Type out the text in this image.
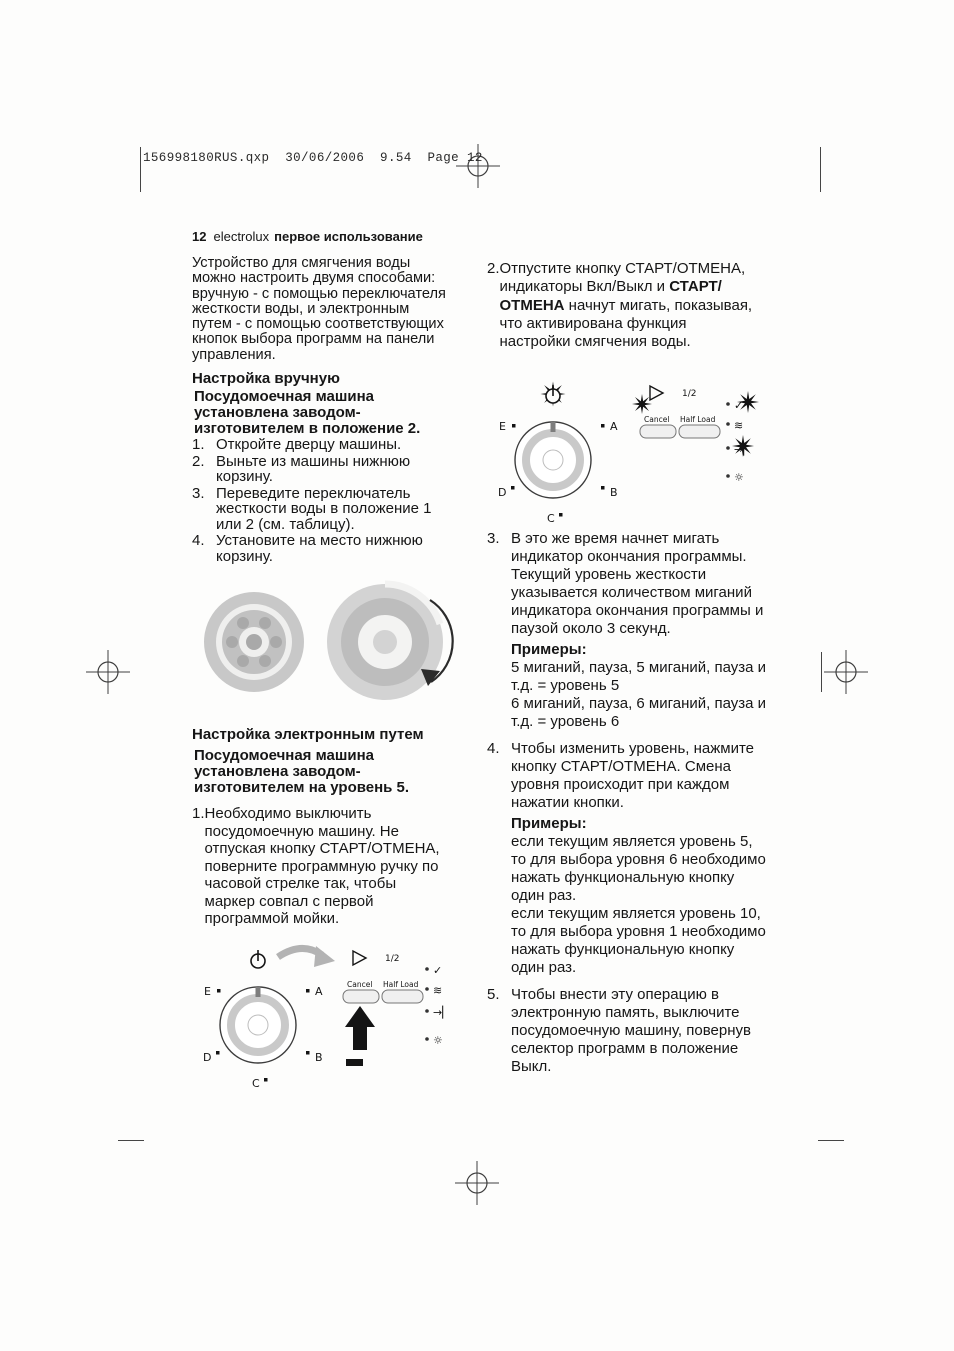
156998180RUS.qxp  30/06/2006  9.54  Page 12
12 electrolux первое использование
Устройство для смягчения воды можно настроить двумя способами: вручную - с помощью переключателя жесткости воды, и электронным путем - с помощью соответствующих кнопок выбора программ на панели управления.
Настройка вручную
Посудомоечная машина установлена заводом-изготовителем в положение 2.
1. Откройте дверцу машины.
2. Выньте из машины нижнюю корзину.
3. Переведите переключатель жесткости воды в положение 1 или 2 (см. таблицу).
4. Установите на место нижнюю корзину.
Настройка электронным путем
Посудомоечная машина установлена заводом-изготовителем на уровень 5.
1. Необходимо выключить посудомоечную машину. Не отпуская кнопку СТАРТ/ОТМЕНА, поверните программную ручку по часовой стрелке так, чтобы маркер совпал с первой программой мойки.
E	A
D	B
C
1/2
Cancel Half Load
✓
≋
→▏
☼
2. Отпустите кнопку СТАРТ/ОТМЕНА, индикаторы Вкл/Выкл и СТАРТ/ОТМЕНА начнут мигать, показывая, что активирована функция настройки смягчения воды.
E	A
D	B
C
1/2
Cancel Half Load
✓
≋
→▏
☼
3. В это же время начнет мигать индикатор окончания программы. Текущий уровень жесткости указывается количеством миганий индикатора окончания программы и паузой около 3 секунд.
Примеры:
5 миганий, пауза, 5 миганий, пауза и т.д. = уровень 5
6 миганий, пауза, 6 миганий, пауза и т.д. = уровень 6
4. Чтобы изменить уровень, нажмите кнопку СТАРТ/ОТМЕНА. Смена уровня происходит при каждом нажатии кнопки.
Примеры:
если текущим является уровень 5, то для выбора уровня 6 необходимо нажать функциональную кнопку один раз.
если текущим является уровень 10, то для выбора уровня 1 необходимо нажать функциональную кнопку один раз.
5. Чтобы внести эту операцию в электронную память, выключите посудомоечную машину, повернув селектор программ в положение Выкл.
